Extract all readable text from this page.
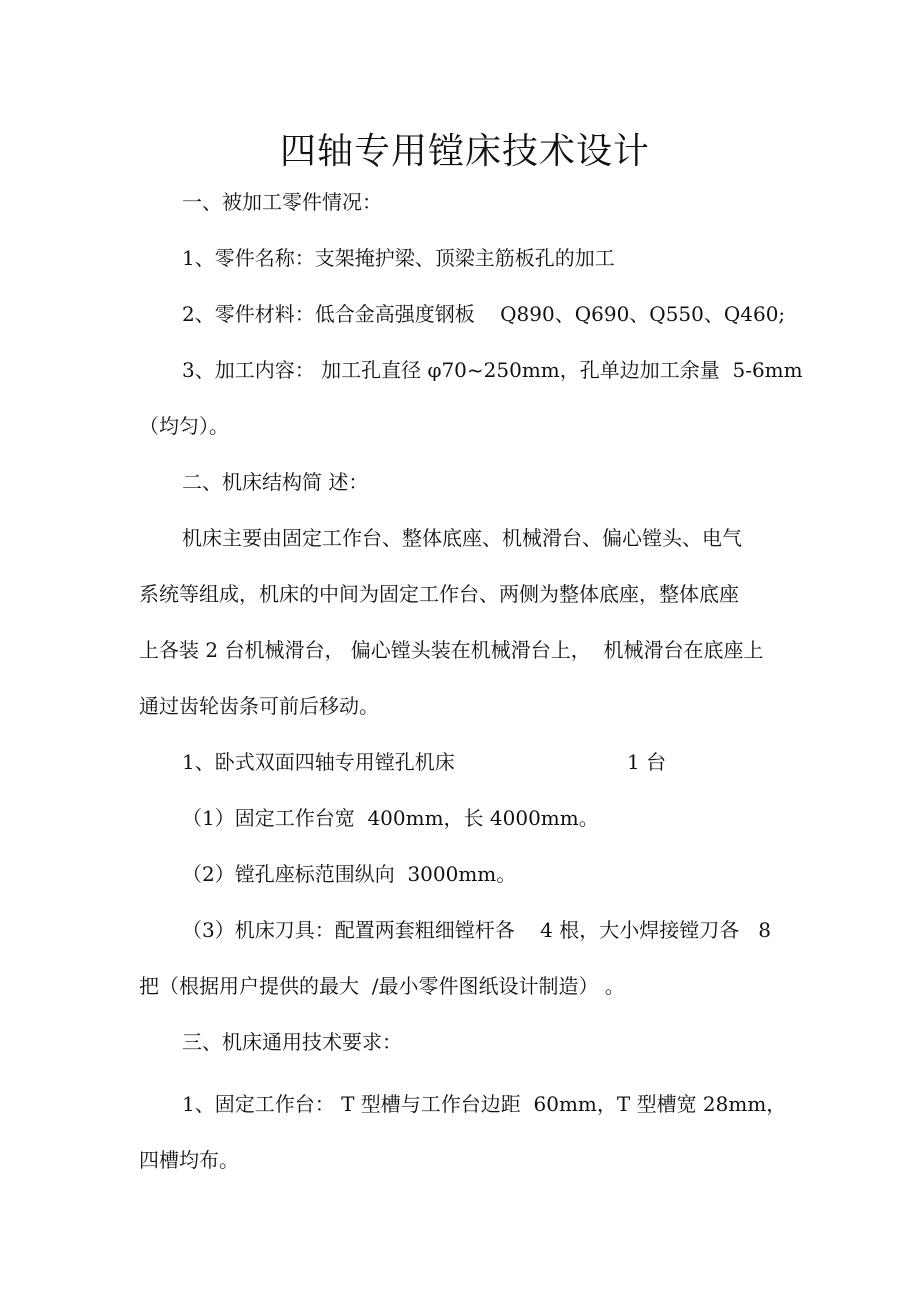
四轴专用镗床技术设计

一、被加工零件情况：

1、零件名称：支架掩护梁、顶梁主筋板孔的加工

2、零件材料：低合金高强度钢板    Q890、Q690、Q550、Q460;

3、加工内容： 加工孔直径 φ70~250mm，孔单边加工余量  5-6mm

（均匀）。

二、机床结构简 述：

机床主要由固定工作台、整体底座、机械滑台、偏心镗头、电气

系统等组成，机床的中间为固定工作台、两侧为整体底座，整体底座

上各装 2 台机械滑台， 偏心镗头装在机械滑台上，  机械滑台在底座上

通过齿轮齿条可前后移动。

1、卧式双面四轴专用镗孔机床	1 台

（1）固定工作台宽  400mm，长 4000mm。

（2）镗孔座标范围纵向  3000mm。

（3）机床刀具：配置两套粗细镗杆各    4 根，大小焊接镗刀各   8

把（根据用户提供的最大  /最小零件图纸设计制造） 。

三、机床通用技术要求：

1、固定工作台： T 型槽与工作台边距  60mm，T 型槽宽 28mm，

四槽均布。
